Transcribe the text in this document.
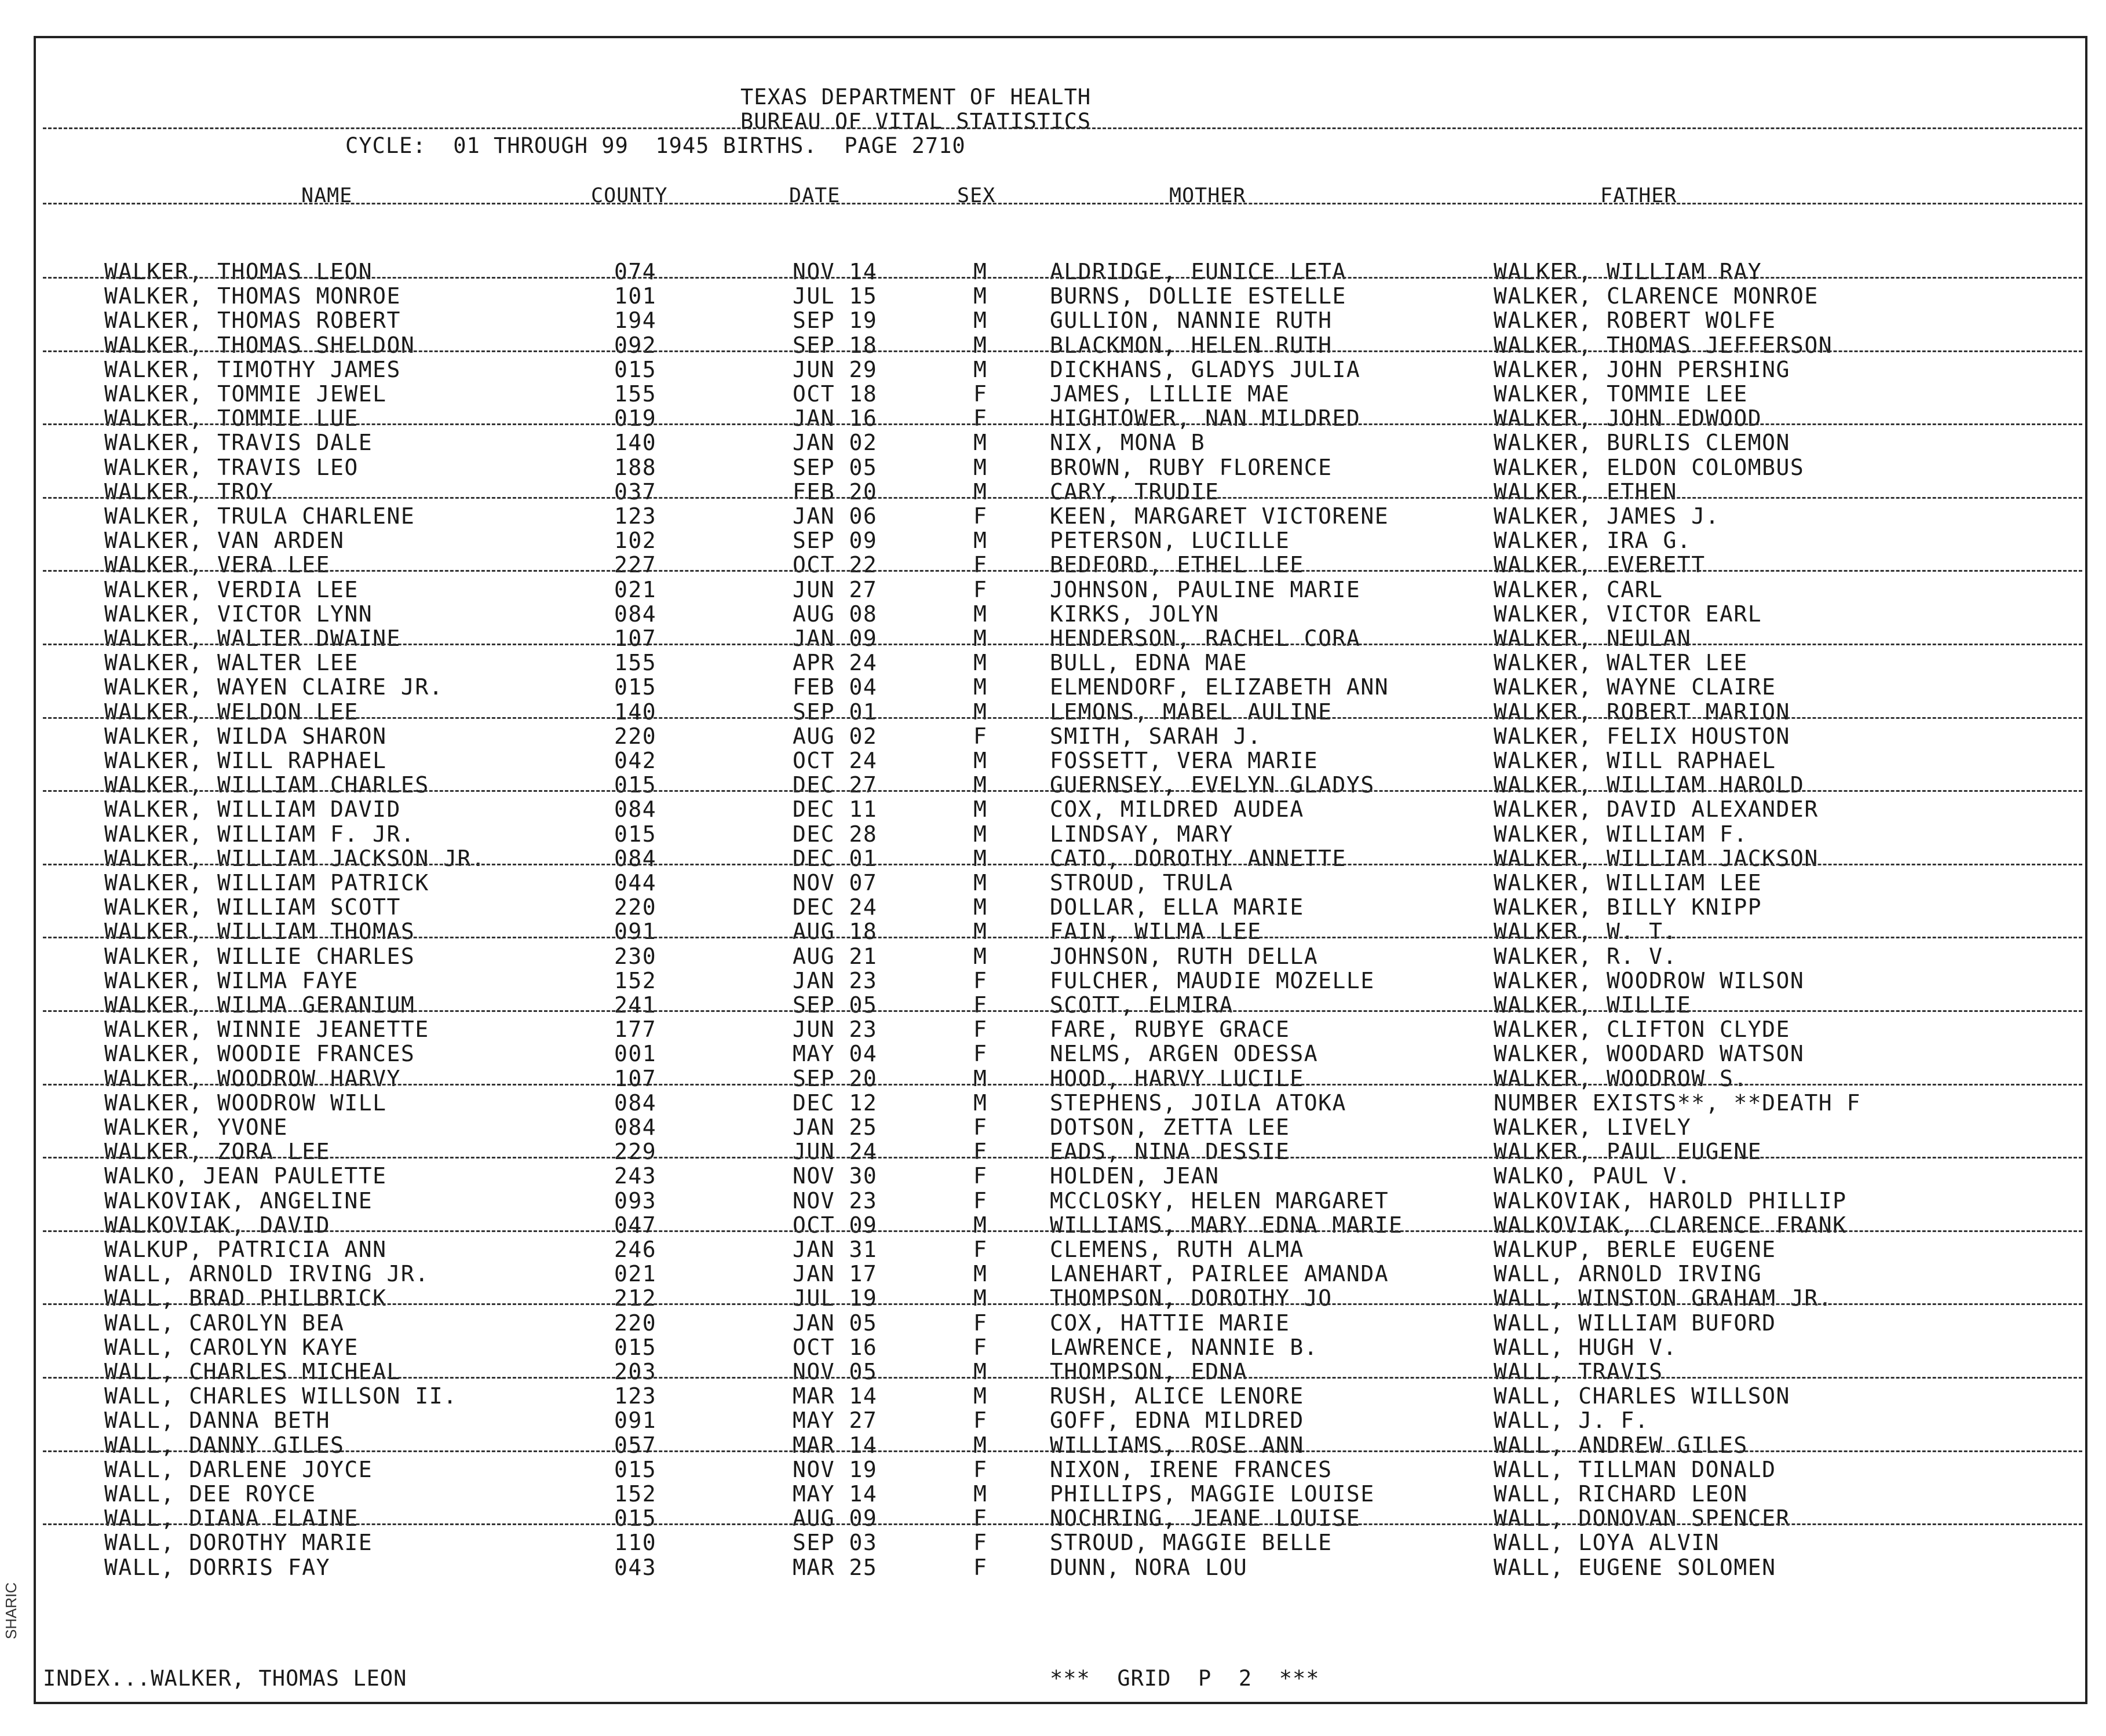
TEXAS DEPARTMENT OF HEALTH
BUREAU OF VITAL STATISTICS
CYCLE:  01 THROUGH 99  1945 BIRTHS.  PAGE 2710
NAME	COUNTY	DATE	SEX	MOTHER	FATHER
WALKER, THOMAS LEON	074	NOV 14	M	ALDRIDGE, EUNICE LETA	WALKER, WILLIAM RAY
WALKER, THOMAS MONROE	101	JUL 15	M	BURNS, DOLLIE ESTELLE	WALKER, CLARENCE MONROE
WALKER, THOMAS ROBERT	194	SEP 19	M	GULLION, NANNIE RUTH	WALKER, ROBERT WOLFE
WALKER, THOMAS SHELDON	092	SEP 18	M	BLACKMON, HELEN RUTH	WALKER, THOMAS JEFFERSON
WALKER, TIMOTHY JAMES	015	JUN 29	M	DICKHANS, GLADYS JULIA	WALKER, JOHN PERSHING
WALKER, TOMMIE JEWEL	155	OCT 18	F	JAMES, LILLIE MAE	WALKER, TOMMIE LEE
WALKER, TOMMIE LUE	019	JAN 16	F	HIGHTOWER, NAN MILDRED	WALKER, JOHN EDWOOD
WALKER, TRAVIS DALE	140	JAN 02	M	NIX, MONA B	WALKER, BURLIS CLEMON
WALKER, TRAVIS LEO	188	SEP 05	M	BROWN, RUBY FLORENCE	WALKER, ELDON COLOMBUS
WALKER, TROY	037	FEB 20	M	CARY, TRUDIE	WALKER, ETHEN
WALKER, TRULA CHARLENE	123	JAN 06	F	KEEN, MARGARET VICTORENE	WALKER, JAMES J.
WALKER, VAN ARDEN	102	SEP 09	M	PETERSON, LUCILLE	WALKER, IRA G.
WALKER, VERA LEE	227	OCT 22	F	BEDFORD, ETHEL LEE	WALKER, EVERETT
WALKER, VERDIA LEE	021	JUN 27	F	JOHNSON, PAULINE MARIE	WALKER, CARL
WALKER, VICTOR LYNN	084	AUG 08	M	KIRKS, JOLYN	WALKER, VICTOR EARL
WALKER, WALTER DWAINE	107	JAN 09	M	HENDERSON, RACHEL CORA	WALKER, NEULAN
WALKER, WALTER LEE	155	APR 24	M	BULL, EDNA MAE	WALKER, WALTER LEE
WALKER, WAYEN CLAIRE JR.	015	FEB 04	M	ELMENDORF, ELIZABETH ANN	WALKER, WAYNE CLAIRE
WALKER, WELDON LEE	140	SEP 01	M	LEMONS, MABEL AULINE	WALKER, ROBERT MARION
WALKER, WILDA SHARON	220	AUG 02	F	SMITH, SARAH J.	WALKER, FELIX HOUSTON
WALKER, WILL RAPHAEL	042	OCT 24	M	FOSSETT, VERA MARIE	WALKER, WILL RAPHAEL
WALKER, WILLIAM CHARLES	015	DEC 27	M	GUERNSEY, EVELYN GLADYS	WALKER, WILLIAM HAROLD
WALKER, WILLIAM DAVID	084	DEC 11	M	COX, MILDRED AUDEA	WALKER, DAVID ALEXANDER
WALKER, WILLIAM F. JR.	015	DEC 28	M	LINDSAY, MARY	WALKER, WILLIAM F.
WALKER, WILLIAM JACKSON JR.	084	DEC 01	M	CATO, DOROTHY ANNETTE	WALKER, WILLIAM JACKSON
WALKER, WILLIAM PATRICK	044	NOV 07	M	STROUD, TRULA	WALKER, WILLIAM LEE
WALKER, WILLIAM SCOTT	220	DEC 24	M	DOLLAR, ELLA MARIE	WALKER, BILLY KNIPP
WALKER, WILLIAM THOMAS	091	AUG 18	M	FAIN, WILMA LEE	WALKER, W. T.
WALKER, WILLIE CHARLES	230	AUG 21	M	JOHNSON, RUTH DELLA	WALKER, R. V.
WALKER, WILMA FAYE	152	JAN 23	F	FULCHER, MAUDIE MOZELLE	WALKER, WOODROW WILSON
WALKER, WILMA GERANIUM	241	SEP 05	F	SCOTT, ELMIRA	WALKER, WILLIE
WALKER, WINNIE JEANETTE	177	JUN 23	F	FARE, RUBYE GRACE	WALKER, CLIFTON CLYDE
WALKER, WOODIE FRANCES	001	MAY 04	F	NELMS, ARGEN ODESSA	WALKER, WOODARD WATSON
WALKER, WOODROW HARVY	107	SEP 20	M	HOOD, HARVY LUCILE	WALKER, WOODROW S.
WALKER, WOODROW WILL	084	DEC 12	M	STEPHENS, JOILA ATOKA	NUMBER EXISTS**, **DEATH F
WALKER, YVONE	084	JAN 25	F	DOTSON, ZETTA LEE	WALKER, LIVELY
WALKER, ZORA LEE	229	JUN 24	F	EADS, NINA DESSIE	WALKER, PAUL EUGENE
WALKO, JEAN PAULETTE	243	NOV 30	F	HOLDEN, JEAN	WALKO, PAUL V.
WALKOVIAK, ANGELINE	093	NOV 23	F	MCCLOSKY, HELEN MARGARET	WALKOVIAK, HAROLD PHILLIP
WALKOVIAK, DAVID	047	OCT 09	M	WILLIAMS, MARY EDNA MARIE	WALKOVIAK, CLARENCE FRANK
WALKUP, PATRICIA ANN	246	JAN 31	F	CLEMENS, RUTH ALMA	WALKUP, BERLE EUGENE
WALL, ARNOLD IRVING JR.	021	JAN 17	M	LANEHART, PAIRLEE AMANDA	WALL, ARNOLD IRVING
WALL, BRAD PHILBRICK	212	JUL 19	M	THOMPSON, DOROTHY JO	WALL, WINSTON GRAHAM JR.
WALL, CAROLYN BEA	220	JAN 05	F	COX, HATTIE MARIE	WALL, WILLIAM BUFORD
WALL, CAROLYN KAYE	015	OCT 16	F	LAWRENCE, NANNIE B.	WALL, HUGH V.
WALL, CHARLES MICHEAL	203	NOV 05	M	THOMPSON, EDNA	WALL, TRAVIS
WALL, CHARLES WILLSON II.	123	MAR 14	M	RUSH, ALICE LENORE	WALL, CHARLES WILLSON
WALL, DANNA BETH	091	MAY 27	F	GOFF, EDNA MILDRED	WALL, J. F.
WALL, DANNY GILES	057	MAR 14	M	WILLIAMS, ROSE ANN	WALL, ANDREW GILES
WALL, DARLENE JOYCE	015	NOV 19	F	NIXON, IRENE FRANCES	WALL, TILLMAN DONALD
WALL, DEE ROYCE	152	MAY 14	M	PHILLIPS, MAGGIE LOUISE	WALL, RICHARD LEON
WALL, DIANA ELAINE	015	AUG 09	F	NOCHRING, JEANE LOUISE	WALL, DONOVAN SPENCER
WALL, DOROTHY MARIE	110	SEP 03	F	STROUD, MAGGIE BELLE	WALL, LOYA ALVIN
WALL, DORRIS FAY	043	MAR 25	F	DUNN, NORA LOU	WALL, EUGENE SOLOMEN
INDEX...WALKER, THOMAS LEON	***  GRID  P  2  ***
SHARIC
